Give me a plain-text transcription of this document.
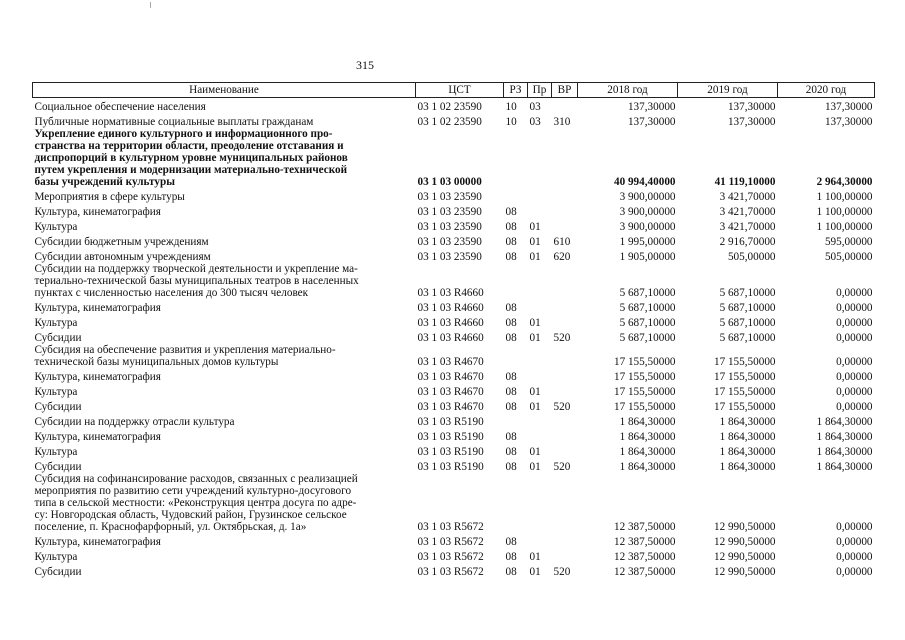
315
Наименование	ЦСТ	РЗ	Пр	ВР	2018 год	2019 год	2020 год

Социальное обеспечение населения	03 1 02 23590	10	03		137,30000	137,30000	137,30000

Публичные нормативные социальные выплаты гражданам	03 1 02 23590	10	03	310	137,30000	137,30000	137,30000

Укрепление единого культурного и информационного про-
странства на территории области, преодоление отставания и
диспропорций в культурном уровне муниципальных районов
путем укрепления и модернизации материально-технической
базы учреждений культуры	03 1 03 00000				40 994,40000	41 119,10000	2 964,30000

Мероприятия в сфере культуры	03 1 03 23590				3 900,00000	3 421,70000	1 100,00000

Культура, кинематография	03 1 03 23590	08			3 900,00000	3 421,70000	1 100,00000

Культура	03 1 03 23590	08	01		3 900,00000	3 421,70000	1 100,00000

Субсидии бюджетным учреждениям	03 1 03 23590	08	01	610	1 995,00000	2 916,70000	595,00000

Субсидии автономным учреждениям	03 1 03 23590	08	01	620	1 905,00000	505,00000	505,00000

Субсидии на поддержку творческой деятельности и укрепление ма-
териально-технической базы муниципальных театров в населенных
пунктах с численностью населения до 300 тысяч человек	03 1 03 R4660				5 687,10000	5 687,10000	0,00000

Культура, кинематография	03 1 03 R4660	08			5 687,10000	5 687,10000	0,00000

Культура	03 1 03 R4660	08	01		5 687,10000	5 687,10000	0,00000

Субсидии	03 1 03 R4660	08	01	520	5 687,10000	5 687,10000	0,00000

Субсидия на обеспечение развития и укрепления материально-
технической базы муниципальных домов культуры	03 1 03 R4670				17 155,50000	17 155,50000	0,00000

Культура, кинематография	03 1 03 R4670	08			17 155,50000	17 155,50000	0,00000

Культура	03 1 03 R4670	08	01		17 155,50000	17 155,50000	0,00000

Субсидии	03 1 03 R4670	08	01	520	17 155,50000	17 155,50000	0,00000

Субсидии на поддержку отрасли культура	03 1 03 R5190				1 864,30000	1 864,30000	1 864,30000

Культура, кинематография	03 1 03 R5190	08			1 864,30000	1 864,30000	1 864,30000

Культура	03 1 03 R5190	08	01		1 864,30000	1 864,30000	1 864,30000

Субсидии	03 1 03 R5190	08	01	520	1 864,30000	1 864,30000	1 864,30000

Субсидия на софинансирование расходов, связанных с реализацией
мероприятия по развитию сети учреждений культурно-досугового
типа в сельской местности: «Реконструкция центра досуга по адре-
су: Новгородская область, Чудовский район, Грузинское сельское
поселение, п. Краснофарфорный, ул. Октябрьская, д. 1а»	03 1 03 R5672				12 387,50000	12 990,50000	0,00000

Культура, кинематография	03 1 03 R5672	08			12 387,50000	12 990,50000	0,00000

Культура	03 1 03 R5672	08	01		12 387,50000	12 990,50000	0,00000

Субсидии	03 1 03 R5672	08	01	520	12 387,50000	12 990,50000	0,00000
